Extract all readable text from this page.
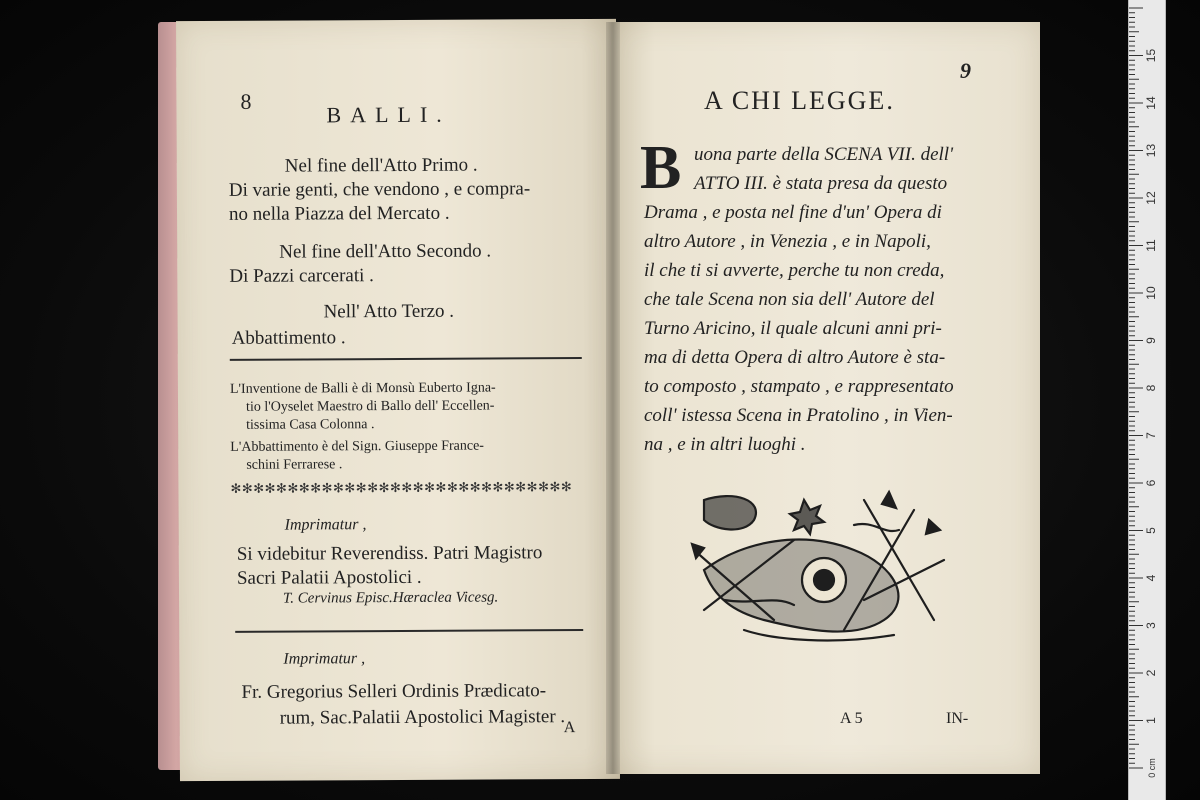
8
BALLI.
Nel fine dell'Atto Primo .
Di varie genti, che vendono , e compra-
no nella Piazza del Mercato .
Nel fine dell'Atto Secondo .
Di Pazzi carcerati .
Nell' Atto Terzo .
Abbattimento .
L'Inventione de Balli è di Monsù Euberto Igna-
tio l'Oyselet Maestro di Ballo dell' Eccellen-
tissima Casa Colonna .
L'Abbattimento è del Sign. Giuseppe France-
schini Ferrarese .
✻✻✻✻✻✻✻✻✻✻✻✻✻✻✻✻✻✻✻✻✻✻✻✻✻✻✻✻✻✻
Imprimatur ,
Si videbitur Reverendiss. Patri Magistro
Sacri Palatii Apostolici .
T. Cervinus Episc.Hæraclea Vicesg.
Imprimatur ,
Fr. Gregorius Selleri Ordinis Prædicato-
rum, Sac.Palatii Apostolici Magister .
A
9
A CHI LEGGE.
B uona parte della SCENA VII. dell'
ATTO III. è stata presa da questo
Drama , e posta nel fine d'un' Opera di
altro Autore , in Venezia , e in Napoli,
il che ti si avverte, perche tu non creda,
che tale Scena non sia dell' Autore del
Turno Aricino, il quale alcuni anni pri-
ma di detta Opera di altro Autore è sta-
to composto , stampato , e rappresentato
coll' istessa Scena in Pratolino , in Vien-
na , e in altri luoghi .
A 5	IN-
0 cm
1
2
3
4
5
6
7
8
9
10
11
12
13
14
15
